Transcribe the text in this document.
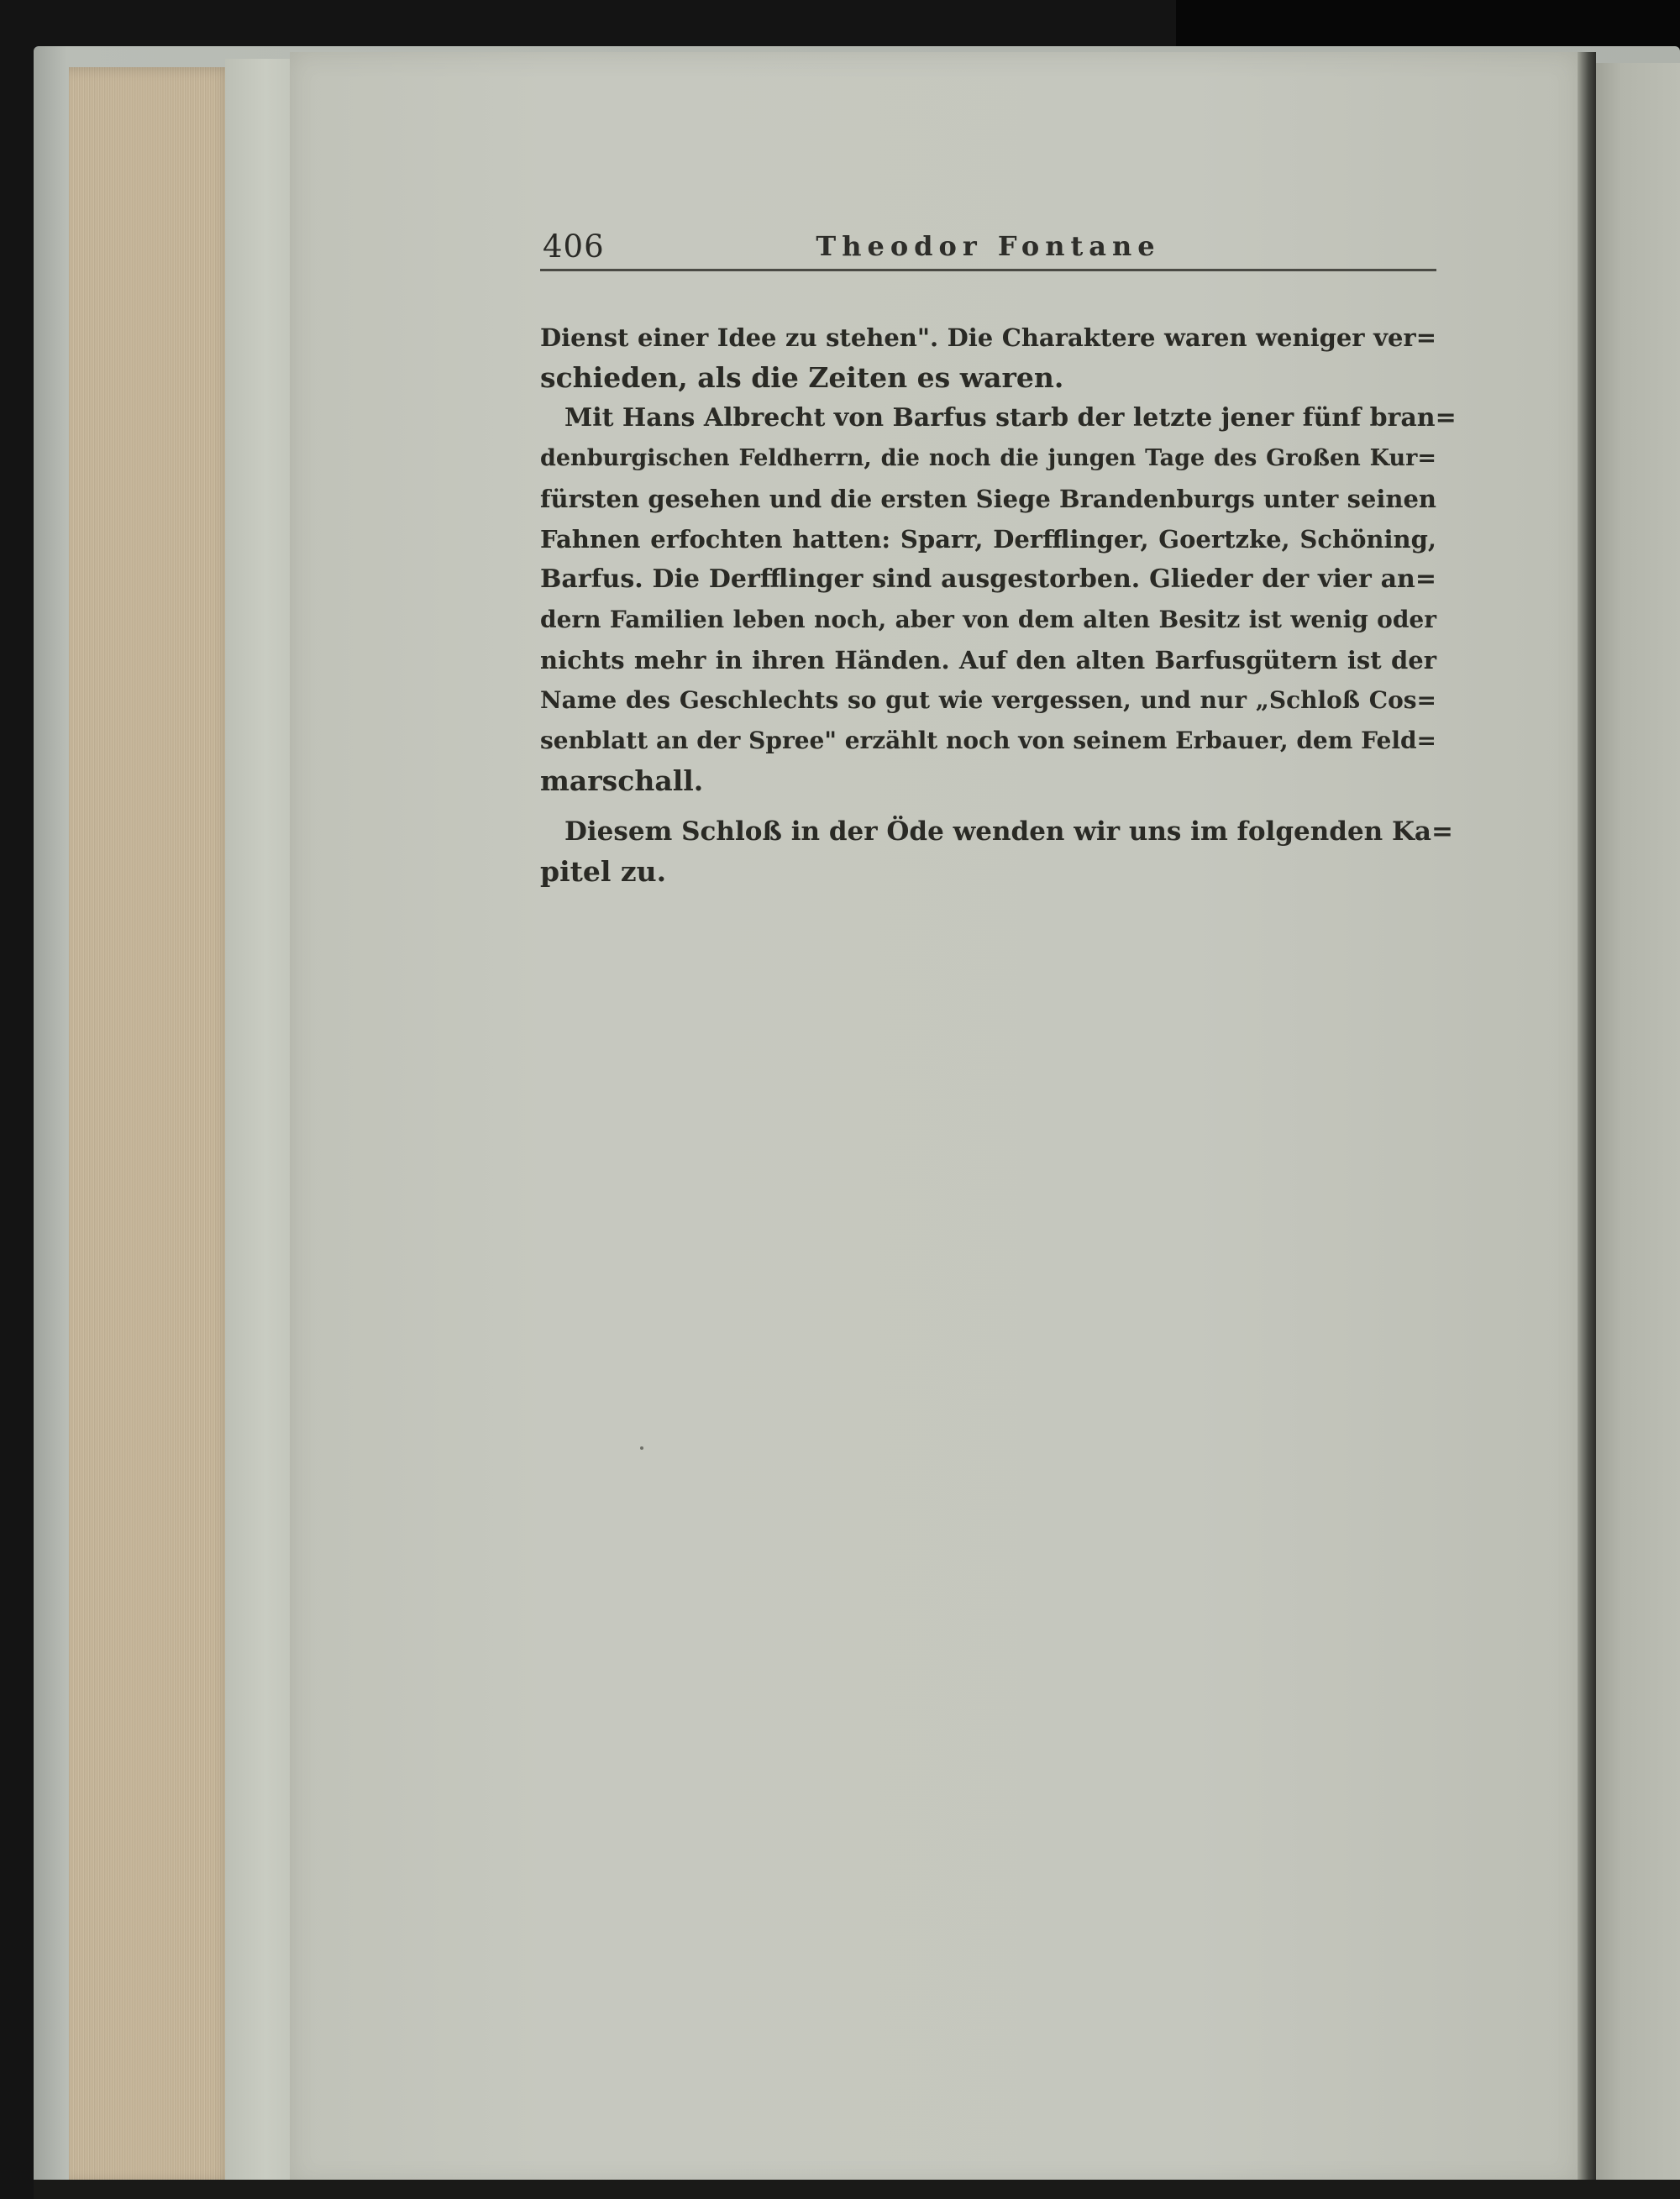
406	Theodor Fontane
Dienst einer Idee zu stehen". Die Charaktere waren weniger ver=
schieden, als die Zeiten es waren.
Mit Hans Albrecht von Barfus starb der letzte jener fünf bran=
denburgischen Feldherrn, die noch die jungen Tage des Großen Kur=
fürsten gesehen und die ersten Siege Brandenburgs unter seinen
Fahnen erfochten hatten: Sparr, Derfflinger, Goertzke, Schöning,
Barfus. Die Derfflinger sind ausgestorben. Glieder der vier an=
dern Familien leben noch, aber von dem alten Besitz ist wenig oder
nichts mehr in ihren Händen. Auf den alten Barfusgütern ist der
Name des Geschlechts so gut wie vergessen, und nur „Schloß Cos=
senblatt an der Spree" erzählt noch von seinem Erbauer, dem Feld=
marschall.
Diesem Schloß in der Öde wenden wir uns im folgenden Ka=
pitel zu.
